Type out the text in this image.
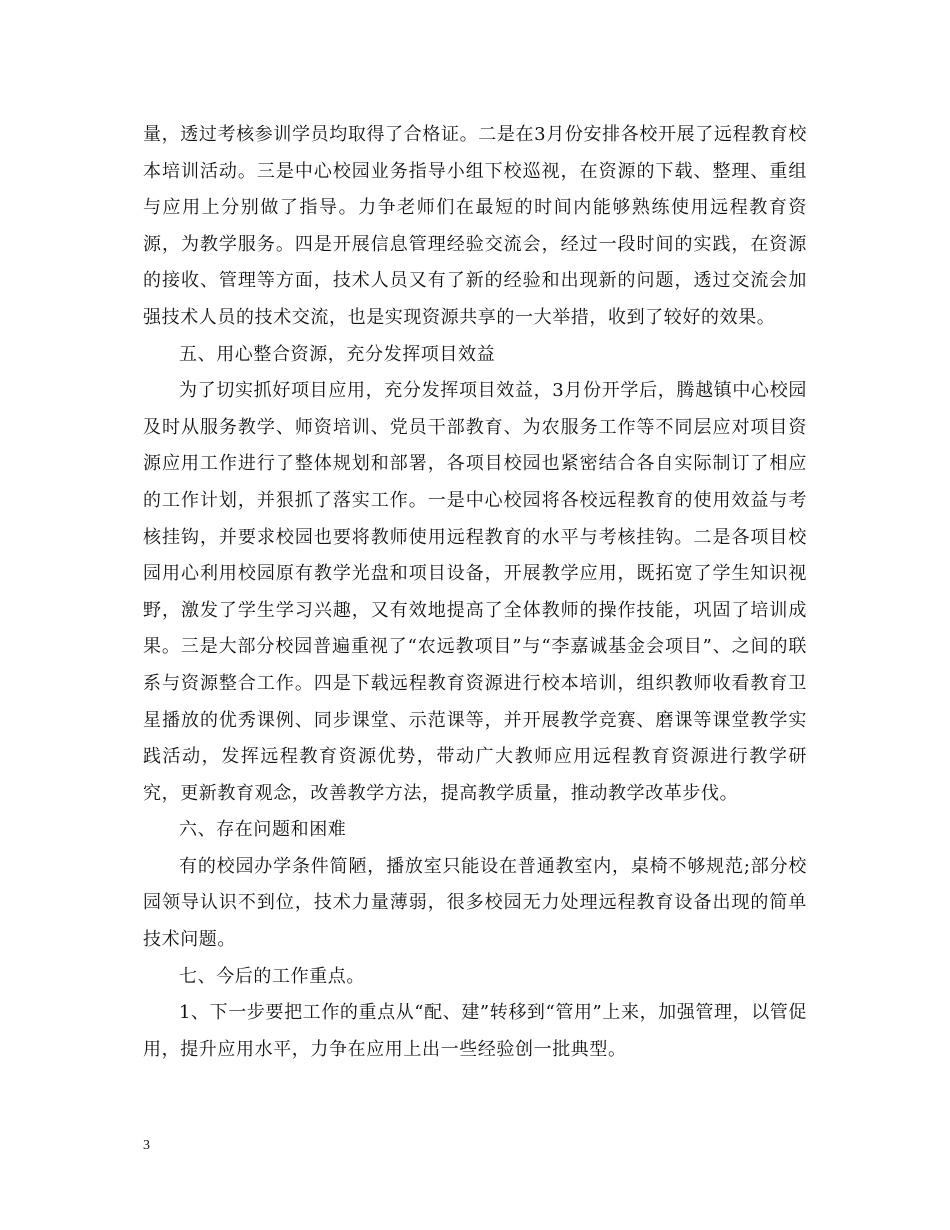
量，透过考核参训学员均取得了合格证。二是在3月份安排各校开展了远程教育校本培训活动。三是中心校园业务指导小组下校巡视，在资源的下载、整理、重组与应用上分别做了指导。力争老师们在最短的时间内能够熟练使用远程教育资源，为教学服务。四是开展信息管理经验交流会，经过一段时间的实践，在资源的接收、管理等方面，技术人员又有了新的经验和出现新的问题，透过交流会加强技术人员的技术交流，也是实现资源共享的一大举措，收到了较好的效果。

五、用心整合资源，充分发挥项目效益

为了切实抓好项目应用，充分发挥项目效益，3月份开学后，腾越镇中心校园及时从服务教学、师资培训、党员干部教育、为农服务工作等不同层应对项目资源应用工作进行了整体规划和部署，各项目校园也紧密结合各自实际制订了相应的工作计划，并狠抓了落实工作。一是中心校园将各校远程教育的使用效益与考核挂钩，并要求校园也要将教师使用远程教育的水平与考核挂钩。二是各项目校园用心利用校园原有教学光盘和项目设备，开展教学应用，既拓宽了学生知识视野，激发了学生学习兴趣，又有效地提高了全体教师的操作技能，巩固了培训成果。三是大部分校园普遍重视了“农远教项目”与“李嘉诚基金会项目”、之间的联系与资源整合工作。四是下载远程教育资源进行校本培训，组织教师收看教育卫星播放的优秀课例、同步课堂、示范课等，并开展教学竞赛、磨课等课堂教学实践活动，发挥远程教育资源优势，带动广大教师应用远程教育资源进行教学研究，更新教育观念，改善教学方法，提高教学质量，推动教学改革步伐。

六、存在问题和困难

有的校园办学条件简陋，播放室只能设在普通教室内，桌椅不够规范;部分校园领导认识不到位，技术力量薄弱，很多校园无力处理远程教育设备出现的简单技术问题。

七、今后的工作重点。

1、下一步要把工作的重点从“配、建”转移到“管用”上来，加强管理，以管促用，提升应用水平，力争在应用上出一些经验创一批典型。

3
